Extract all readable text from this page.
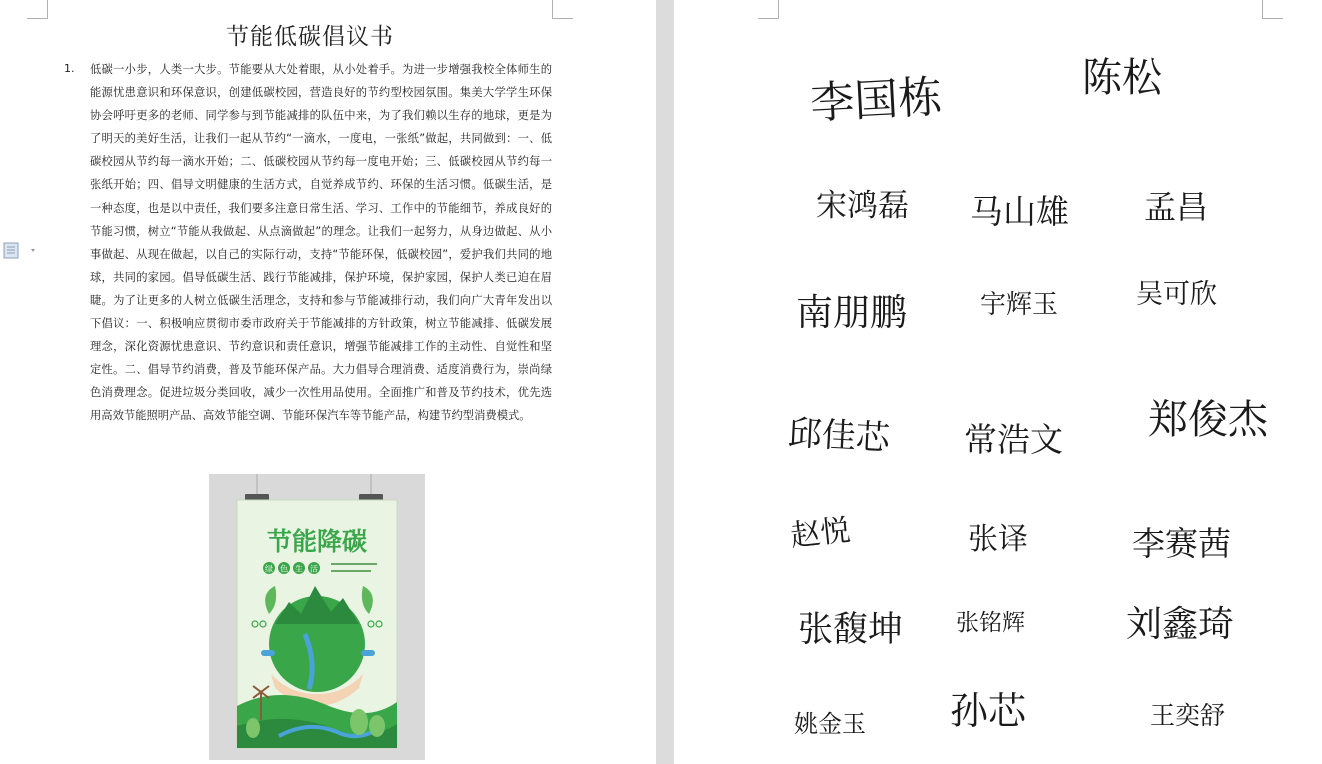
节能低碳倡议书
1. 低碳一小步，人类一大步。节能要从大处着眼，从小处着手。为进一步增强我校全体师生的能源忧患意识和环保意识，创建低碳校园，营造良好的节约型校园氛围。集美大学学生环保协会呼吁更多的老师、同学参与到节能减排的队伍中来，为了我们赖以生存的地球，更是为了明天的美好生活，让我们一起从节约“一滴水，一度电，一张纸”做起，共同做到：一、低碳校园从节约每一滴水开始；二、低碳校园从节约每一度电开始；三、低碳校园从节约每一张纸开始；四、倡导文明健康的生活方式，自觉养成节约、环保的生活习惯。低碳生活，是一种态度，也是以中责任，我们要多注意日常生活、学习、工作中的节能细节，养成良好的节能习惯，树立“节能从我做起、从点滴做起”的理念。让我们一起努力，从身边做起、从小事做起、从现在做起，以自己的实际行动，支持“节能环保，低碳校园”，爱护我们共同的地球，共同的家园。倡导低碳生活、践行节能减排，保护环境，保护家园，保护人类已迫在眉睫。为了让更多的人树立低碳生活理念，支持和参与节能减排行动，我们向广大青年发出以下倡议：一、积极响应贯彻市委市政府关于节能减排的方针政策，树立节能减排、低碳发展理念，深化资源忧患意识、节约意识和责任意识，增强节能减排工作的主动性、自觉性和坚定性。二、倡导节约消费，普及节能环保产品。大力倡导合理消费、适度消费行为，崇尚绿色消费理念。促进垃圾分类回收，减少一次性用品使用。全面推广和普及节约技术，优先选用高效节能照明产品、高效节能空调、节能环保汽车等节能产品，构建节约型消费模式。

节能降碳
绿 色 生 活
李国栋	陈松
宋鸿磊 马山雄 孟昌
南朋鹏	宇辉玉	吴可欣
邱佳芯 常浩文 郑俊杰
赵悦	张译	李赛茜
张馥坤 张铭辉	刘鑫琦
姚金玉 孙芯	王奕舒
